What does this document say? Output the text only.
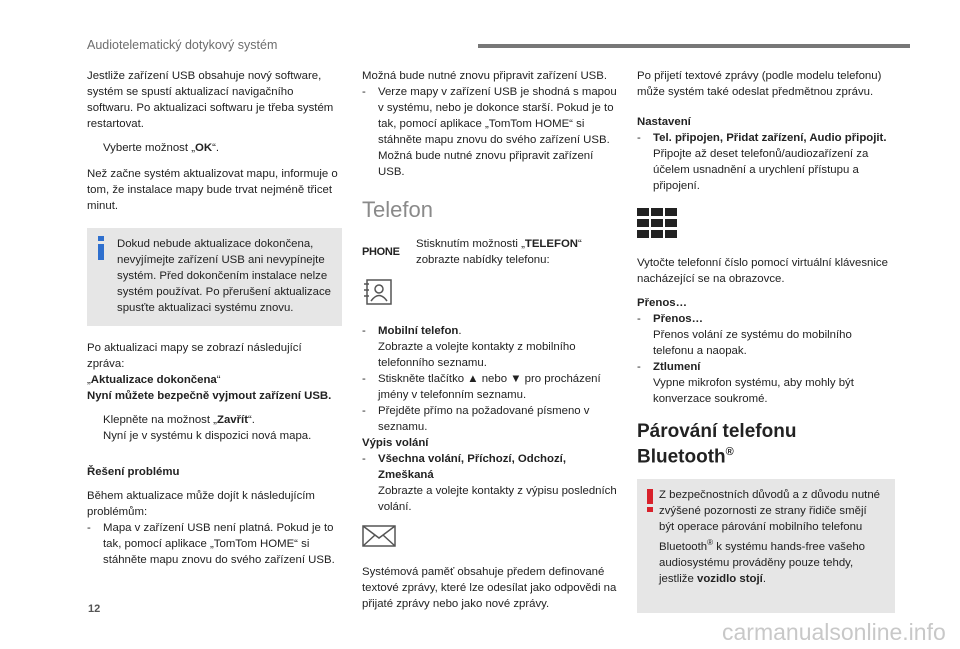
Audiotelematický dotykový systém

Jestliže zařízení USB obsahuje nový software, systém se spustí aktualizací navigačního softwaru. Po aktualizaci softwaru je třeba systém restartovat.

Vyberte možnost „OK“.

Než začne systém aktualizovat mapu, informuje o tom, že instalace mapy bude trvat nejméně třicet minut.

Dokud nebude aktualizace dokončena, nevyjímejte zařízení USB ani nevypínejte systém. Před dokončením instalace nelze systém používat. Po přerušení aktualizace spusťte aktualizaci systému znovu.

Po aktualizaci mapy se zobrazí následující zpráva:

„Aktualizace dokončena“
Nyní můžete bezpečně vyjmout zařízení USB.

Klepněte na možnost „Zavřít“.
Nyní je v systému k dispozici nová mapa.

Řešení problému

Během aktualizace může dojít k následujícím problémům:

-	Mapa v zařízení USB není platná. Pokud je to tak, pomocí aplikace „TomTom HOME“ si stáhněte mapu znovu do svého zařízení USB.

Možná bude nutné znovu připravit zařízení USB.

-	Verze mapy v zařízení USB je shodná s mapou v systému, nebo je dokonce starší. Pokud je to tak, pomocí aplikace „TomTom HOME“ si stáhněte mapu znovu do svého zařízení USB.
Možná bude nutné znovu připravit zařízení USB.
Telefon
PHONE
Stisknutím možnosti „TELEFON“ zobrazte nabídky telefonu:
-	Mobilní telefon.
Zobrazte a volejte kontakty z mobilního telefonního seznamu.
-	Stiskněte tlačítko ▲ nebo ▼ pro procházení jmény v telefonním seznamu.
-	Přejděte přímo na požadované písmeno v seznamu.

Výpis volání

-	Všechna volání, Příchozí, Odchozí, Zmeškaná
Zobrazte a volejte kontakty z výpisu posledních volání.

Systémová paměť obsahuje předem definované textové zprávy, které lze odesílat jako odpovědi na přijaté zprávy nebo jako nové zprávy.

Po přijetí textové zprávy (podle modelu telefonu) může systém také odeslat předmětnou zprávu.

Nastavení

-	Tel. připojen, Přidat zařízení, Audio připojit.
Připojte až deset telefonů/audiozařízení za účelem usnadnění a urychlení přístupu a připojení.

Vytočte telefonní číslo pomocí virtuální klávesnice nacházející se na obrazovce.

Přenos…

-	Přenos…
Přenos volání ze systému do mobilního telefonu a naopak.
-	Ztlumení
Vypne mikrofon systému, aby mohly být konverzace soukromé.
Párování telefonu
Bluetooth®
Z bezpečnostních důvodů a z důvodu nutné zvýšené pozornosti ze strany řidiče smějí být operace párování mobilního telefonu Bluetooth® k systému hands-free vašeho audiosystému prováděny pouze tehdy, jestliže vozidlo stojí.
12
carmanualsonline.info
